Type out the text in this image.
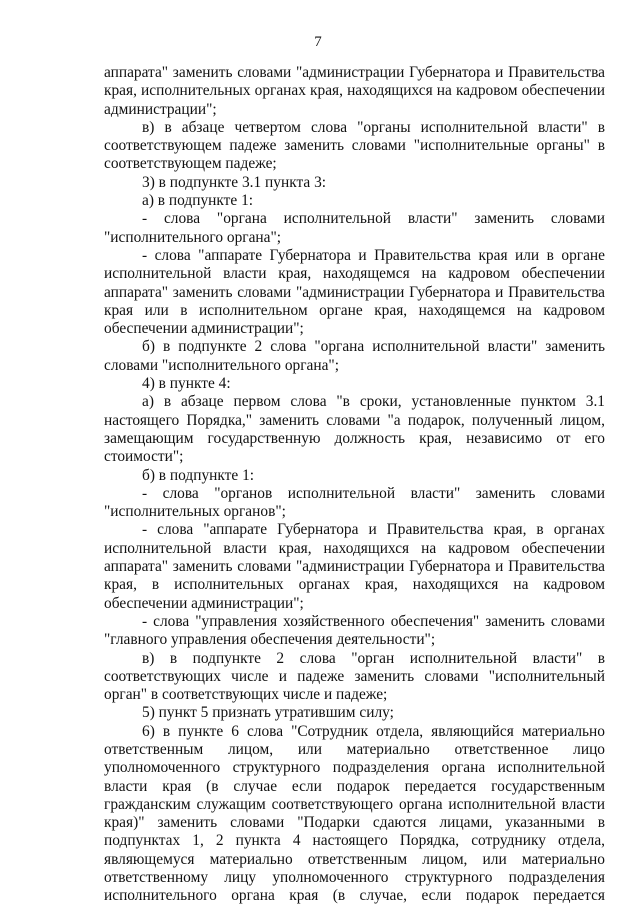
7

аппарата" заменить словами "администрации Губернатора и Правительства края, исполнительных органах края, находящихся на кадровом обеспечении администрации";

в) в абзаце четвертом слова "органы исполнительной власти" в соответствующем падеже заменить словами "исполнительные органы" в соответствующем падеже;

3) в подпункте 3.1 пункта 3:

а) в подпункте 1:

- слова "органа исполнительной власти" заменить словами "исполнительного органа";

- слова "аппарате Губернатора и Правительства края или в органе исполнительной власти края, находящемся на кадровом обеспечении аппарата" заменить словами "администрации Губернатора и Правительства края или в исполнительном органе края, находящемся на кадровом обеспечении администрации";

б) в подпункте 2 слова "органа исполнительной власти" заменить словами "исполнительного органа";

4) в пункте 4:

а) в абзаце первом слова "в сроки, установленные пунктом 3.1 настоящего Порядка," заменить словами "а подарок, полученный лицом, замещающим государственную должность края, независимо от его стоимости";

б) в подпункте 1:

- слова "органов исполнительной власти" заменить словами "исполнительных органов";

- слова "аппарате Губернатора и Правительства края, в органах исполнительной власти края, находящихся на кадровом обеспечении аппарата" заменить словами "администрации Губернатора и Правительства края, в исполнительных органах края, находящихся на кадровом обеспечении администрации";

- слова "управления хозяйственного обеспечения" заменить словами "главного управления обеспечения деятельности";

в) в подпункте 2 слова "орган исполнительной власти" в соответствующих числе и падеже заменить словами "исполнительный орган" в соответствующих числе и падеже;

5) пункт 5 признать утратившим силу;

6) в пункте 6 слова "Сотрудник отдела, являющийся материально ответственным лицом, или материально ответственное лицо уполномоченного структурного подразделения органа исполнительной власти края (в случае если подарок передается государственным гражданским служащим соответствующего органа исполнительной власти края)" заменить словами "Подарки сдаются лицами, указанными в подпунктах 1, 2 пункта 4 настоящего Порядка, сотруднику отдела, являющемуся материально ответственным лицом, или материально ответственному лицу уполномоченного структурного подразделения исполнительного органа края (в случае, если подарок передается
